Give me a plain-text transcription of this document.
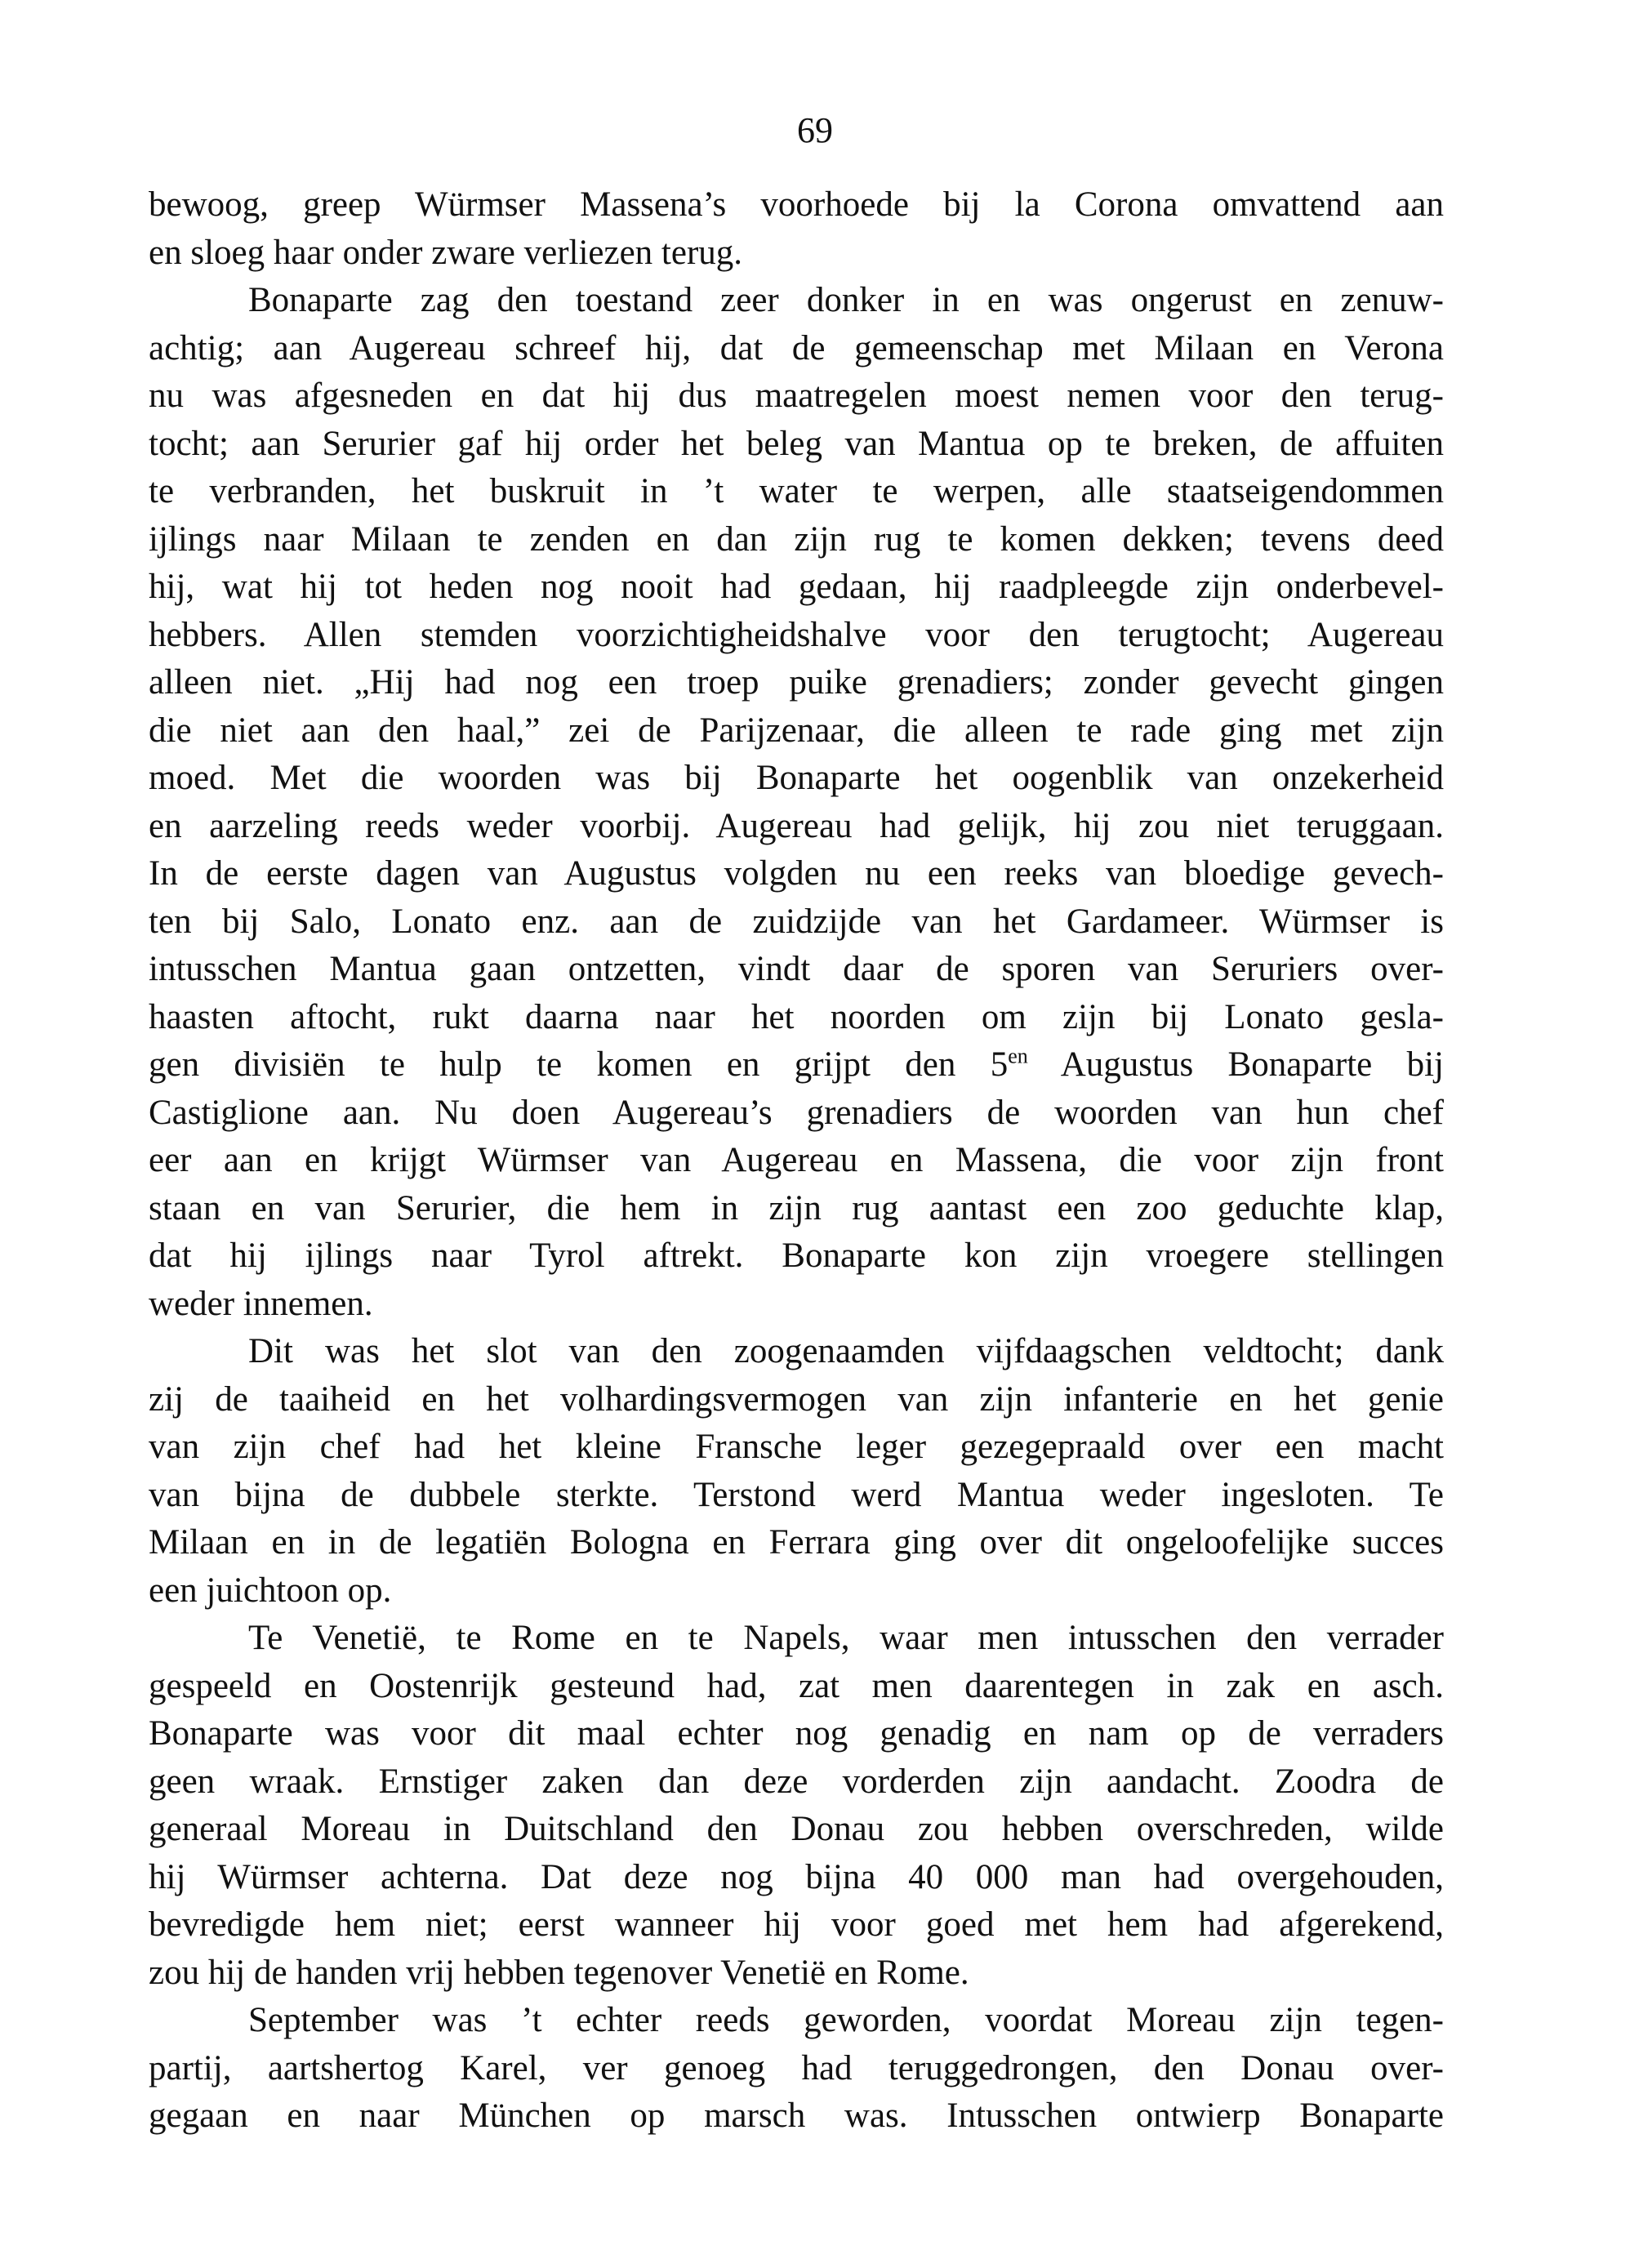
69
bewoog, greep Würmser Massena’s voorhoede bij la Corona omvattend aan
en sloeg haar onder zware verliezen terug.
Bonaparte zag den toestand zeer donker in en was ongerust en zenuw-
achtig; aan Augereau schreef hij, dat de gemeenschap met Milaan en Verona
nu was afgesneden en dat hij dus maatregelen moest nemen voor den terug-
tocht; aan Serurier gaf hij order het beleg van Mantua op te breken, de affuiten
te verbranden, het buskruit in ’t water te werpen, alle staatseigendommen
ijlings naar Milaan te zenden en dan zijn rug te komen dekken; tevens deed
hij, wat hij tot heden nog nooit had gedaan, hij raadpleegde zijn onderbevel-
hebbers. Allen stemden voorzichtigheidshalve voor den terugtocht; Augereau
alleen niet. „Hij had nog een troep puike grenadiers; zonder gevecht gingen
die niet aan den haal,” zei de Parijzenaar, die alleen te rade ging met zijn
moed. Met die woorden was bij Bonaparte het oogenblik van onzekerheid
en aarzeling reeds weder voorbij. Augereau had gelijk, hij zou niet teruggaan.
In de eerste dagen van Augustus volgden nu een reeks van bloedige gevech-
ten bij Salo, Lonato enz. aan de zuidzijde van het Gardameer. Würmser is
intusschen Mantua gaan ontzetten, vindt daar de sporen van Seruriers over-
haasten aftocht, rukt daarna naar het noorden om zijn bij Lonato gesla-
gen divisiën te hulp te komen en grijpt den $5^{en}$ Augustus Bonaparte bij
Castiglione aan. Nu doen Augereau’s grenadiers de woorden van hun chef
eer aan en krijgt Würmser van Augereau en Massena, die voor zijn front
staan en van Serurier, die hem in zijn rug aantast een zoo geduchte klap,
dat hij ijlings naar Tyrol aftrekt. Bonaparte kon zijn vroegere stellingen
weder innemen.
Dit was het slot van den zoogenaamden vijfdaagschen veldtocht; dank
zij de taaiheid en het volhardingsvermogen van zijn infanterie en het genie
van zijn chef had het kleine Fransche leger gezegepraald over een macht
van bijna de dubbele sterkte. Terstond werd Mantua weder ingesloten. Te
Milaan en in de legatiën Bologna en Ferrara ging over dit ongeloofelijke succes
een juichtoon op.
Te Venetië, te Rome en te Napels, waar men intusschen den verrader
gespeeld en Oostenrijk gesteund had, zat men daarentegen in zak en asch.
Bonaparte was voor dit maal echter nog genadig en nam op de verraders
geen wraak. Ernstiger zaken dan deze vorderden zijn aandacht. Zoodra de
generaal Moreau in Duitschland den Donau zou hebben overschreden, wilde
hij Würmser achterna. Dat deze nog bijna 40 000 man had overgehouden,
bevredigde hem niet; eerst wanneer hij voor goed met hem had afgerekend,
zou hij de handen vrij hebben tegenover Venetië en Rome.
September was ’t echter reeds geworden, voordat Moreau zijn tegen-
partij, aartshertog Karel, ver genoeg had teruggedrongen, den Donau over-
gegaan en naar München op marsch was. Intusschen ontwierp Bonaparte
